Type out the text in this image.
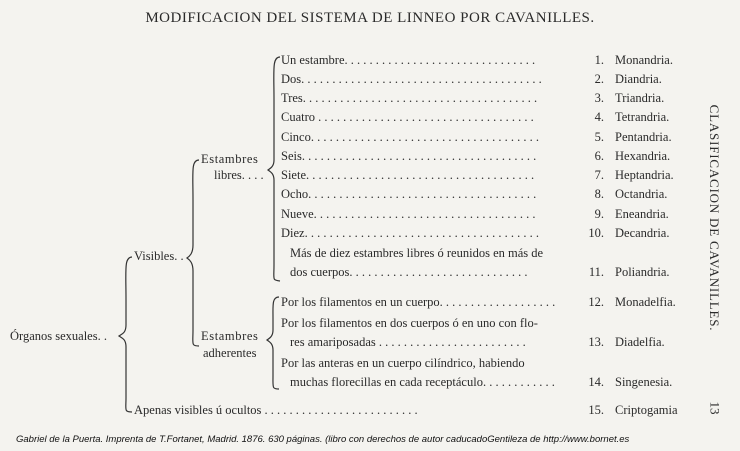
MODIFICACION DEL SISTEMA DE LINNEO POR CAVANILLES.
Órganos sexuales. .
Visibles. .
Estambres
libres. . . .
Estambres
adherentes
Un estambre. . . . . . . . . . . . . . . . . . . . . . . . . . . . . . .	1. Monandria.
Dos. . . . . . . . . . . . . . . . . . . . . . . . . . . . . . . . . . . . . . .	2. Diandria.
Tres. . . . . . . . . . . . . . . . . . . . . . . . . . . . . . . . . . . . . .	3. Triandria.
Cuatro . . . . . . . . . . . . . . . . . . . . . . . . . . . . . . . . . . .	4. Tetrandria.
Cinco. . . . . . . . . . . . . . . . . . . . . . . . . . . . . . . . . . . . .	5. Pentandria.
Seis. . . . . . . . . . . . . . . . . . . . . . . . . . . . . . . . . . . . . .	6. Hexandria.
Siete. . . . . . . . . . . . . . . . . . . . . . . . . . . . . . . . . . . . .	7. Heptandria.
Ocho. . . . . . . . . . . . . . . . . . . . . . . . . . . . . . . . . . . . .	8. Octandria.
Nueve. . . . . . . . . . . . . . . . . . . . . . . . . . . . . . . . . . . .	9. Eneandria.
Diez. . . . . . . . . . . . . . . . . . . . . . . . . . . . . . . . . . . . . .	10. Decandria.
Más de diez estambres libres ó reunidos en más de
dos cuerpos. . . . . . . . . . . . . . . . . . . . . . . . . . . . .	11. Poliandria.
Por los filamentos en un cuerpo. . . . . . . . . . . . . . . . . . .	12. Monadelfia.
Por los filamentos en dos cuerpos ó en uno con flo-
res amariposadas . . . . . . . . . . . . . . . . . . . . . . . .	13. Diadelfia.
Por las anteras en un cuerpo cilíndrico, habiendo
muchas florecillas en cada receptáculo. . . . . . . . . . . .	14. Singenesia.
Apenas visibles ú ocultos . . . . . . . . . . . . . . . . . . . . . . . . .	15. Criptogamia
CLASIFICACION DE CAVANILLES.
13
Gabriel de la Puerta. Imprenta de T.Fortanet, Madrid. 1876. 630 páginas. (libro con derechos de autor caducadoGentileza de http://www.bornet.es
